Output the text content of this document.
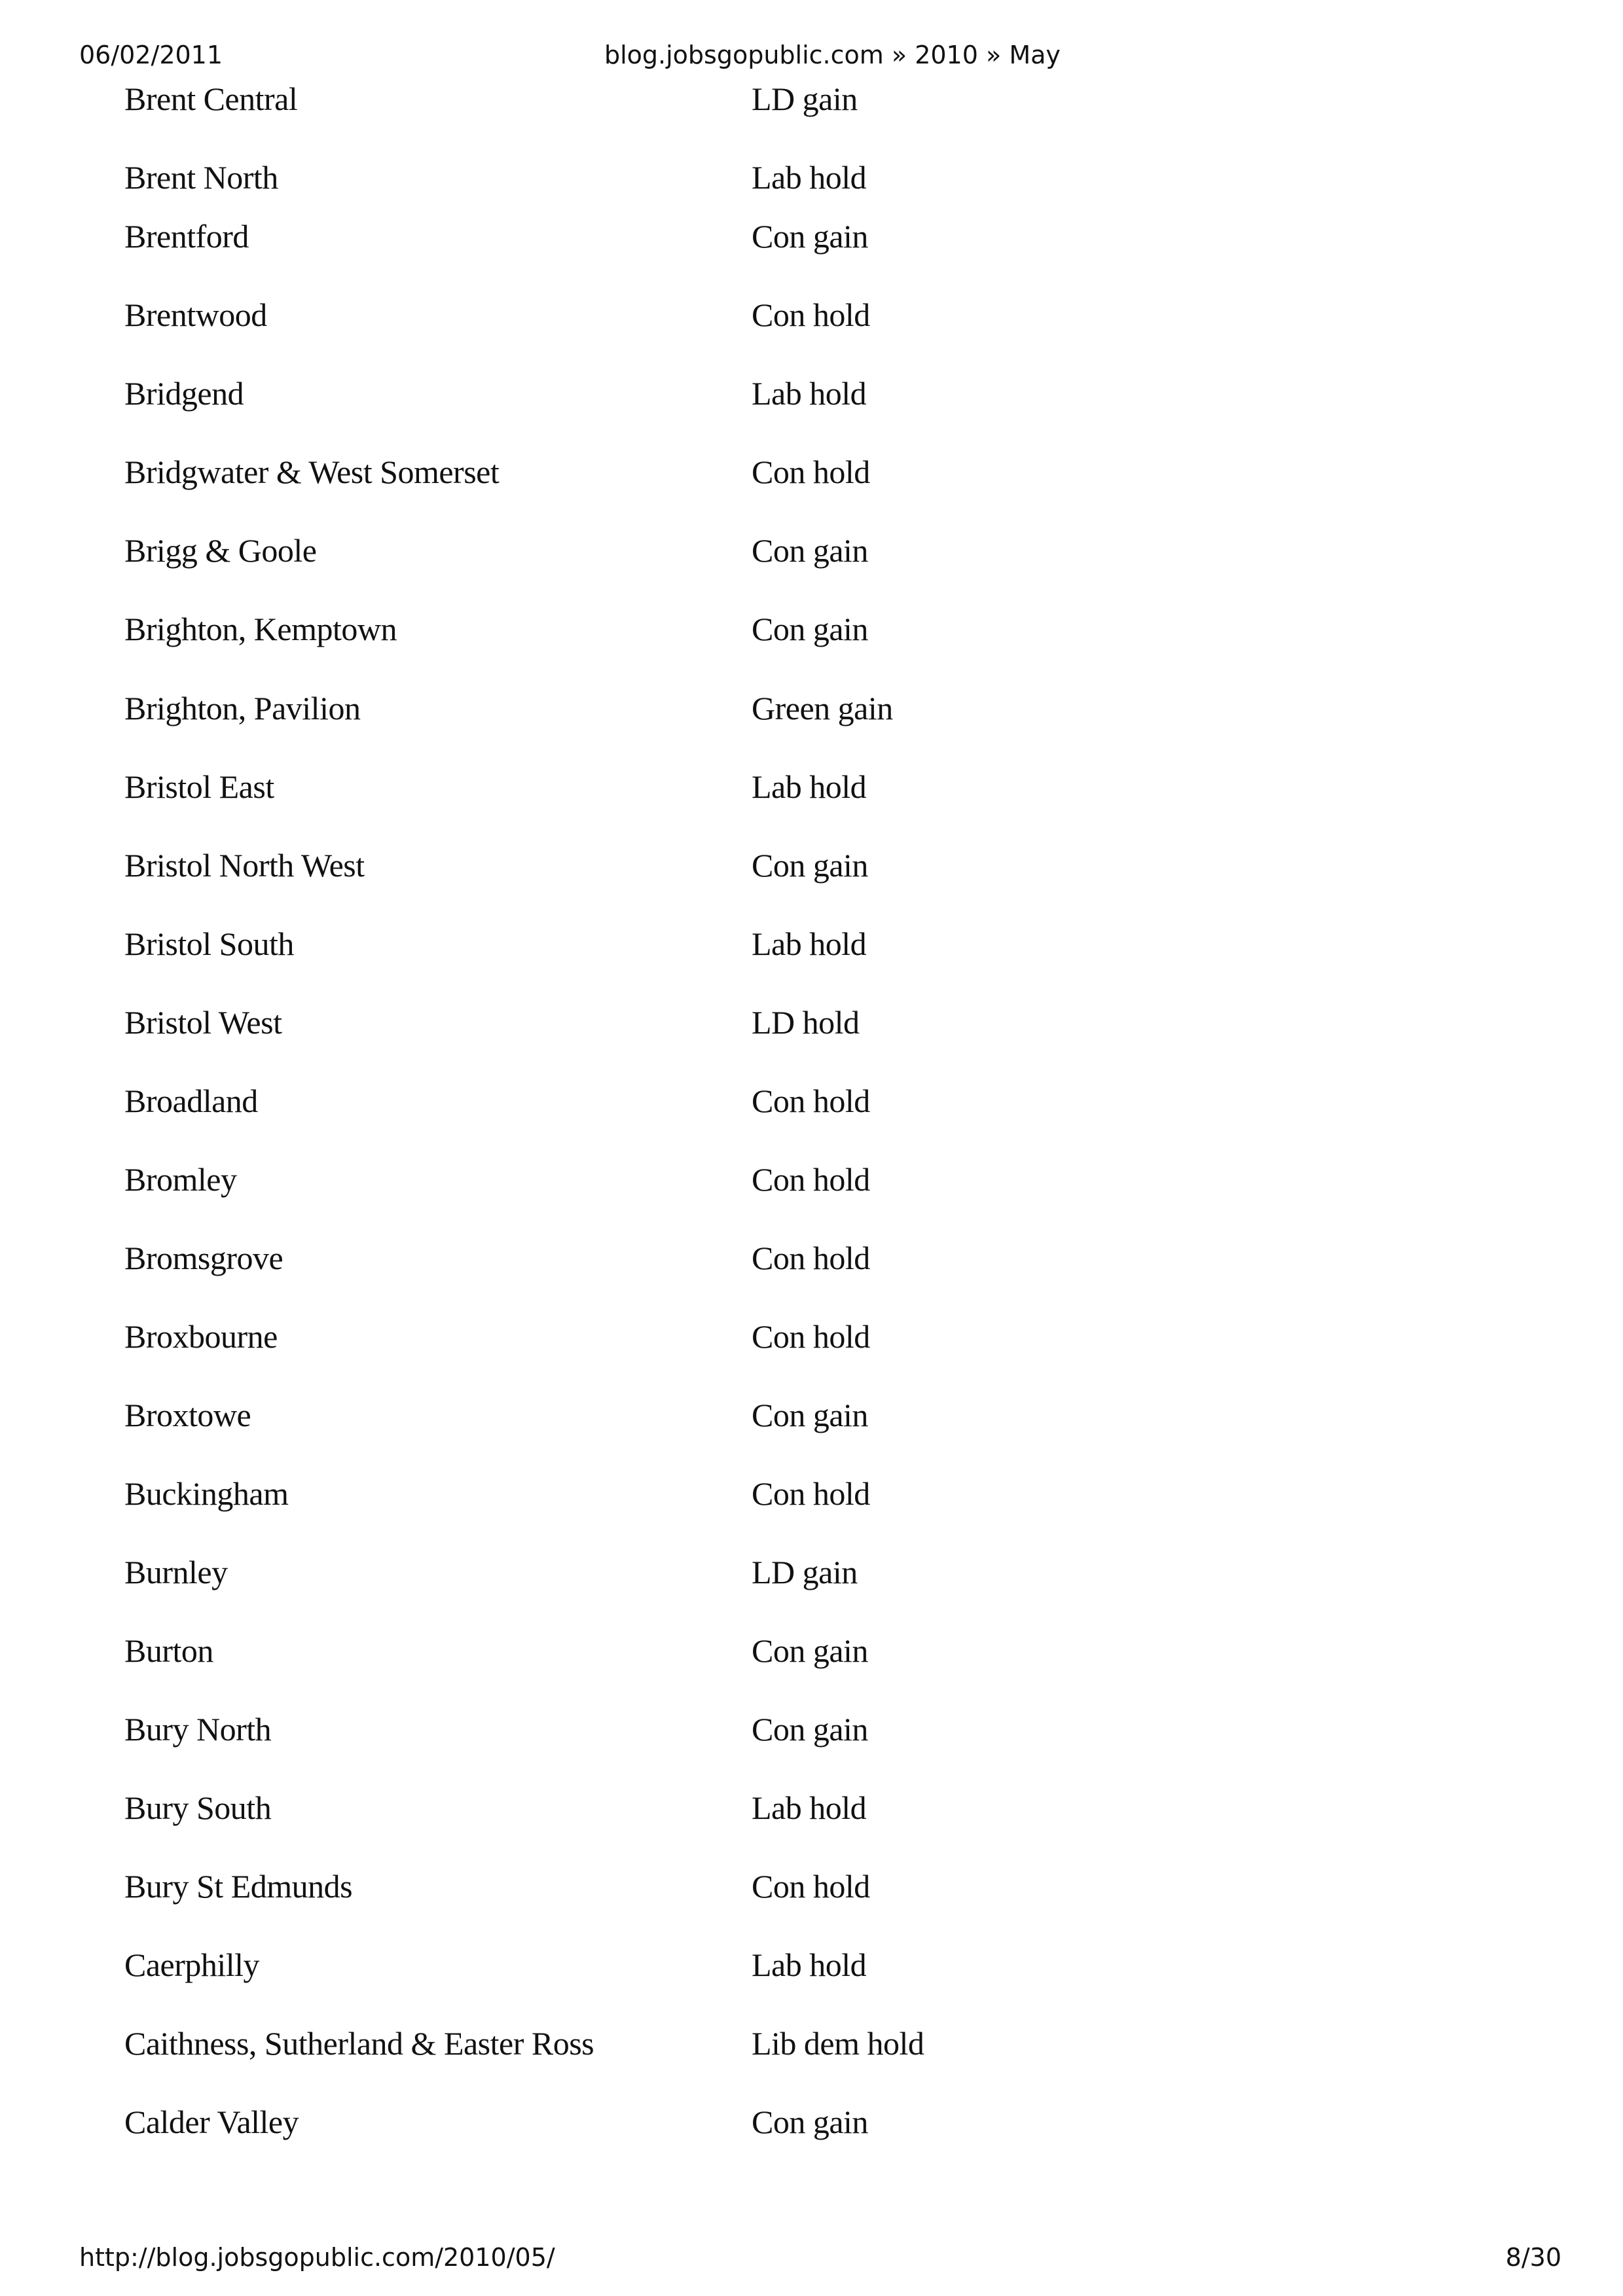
06/02/2011	blog.jobsgopublic.com » 2010 » May
Brent Central	LD gain
Brent North	Lab hold
Brentford	Con gain
Brentwood	Con hold
Bridgend	Lab hold
Bridgwater & West Somerset	Con hold
Brigg & Goole	Con gain
Brighton, Kemptown	Con gain
Brighton, Pavilion	Green gain
Bristol East	Lab hold
Bristol North West	Con gain
Bristol South	Lab hold
Bristol West	LD hold
Broadland	Con hold
Bromley	Con hold
Bromsgrove	Con hold
Broxbourne	Con hold
Broxtowe	Con gain
Buckingham	Con hold
Burnley	LD gain
Burton	Con gain
Bury North	Con gain
Bury South	Lab hold
Bury St Edmunds	Con hold
Caerphilly	Lab hold
Caithness, Sutherland & Easter Ross	Lib dem hold
Calder Valley	Con gain
http://blog.jobsgopublic.com/2010/05/	8/30
